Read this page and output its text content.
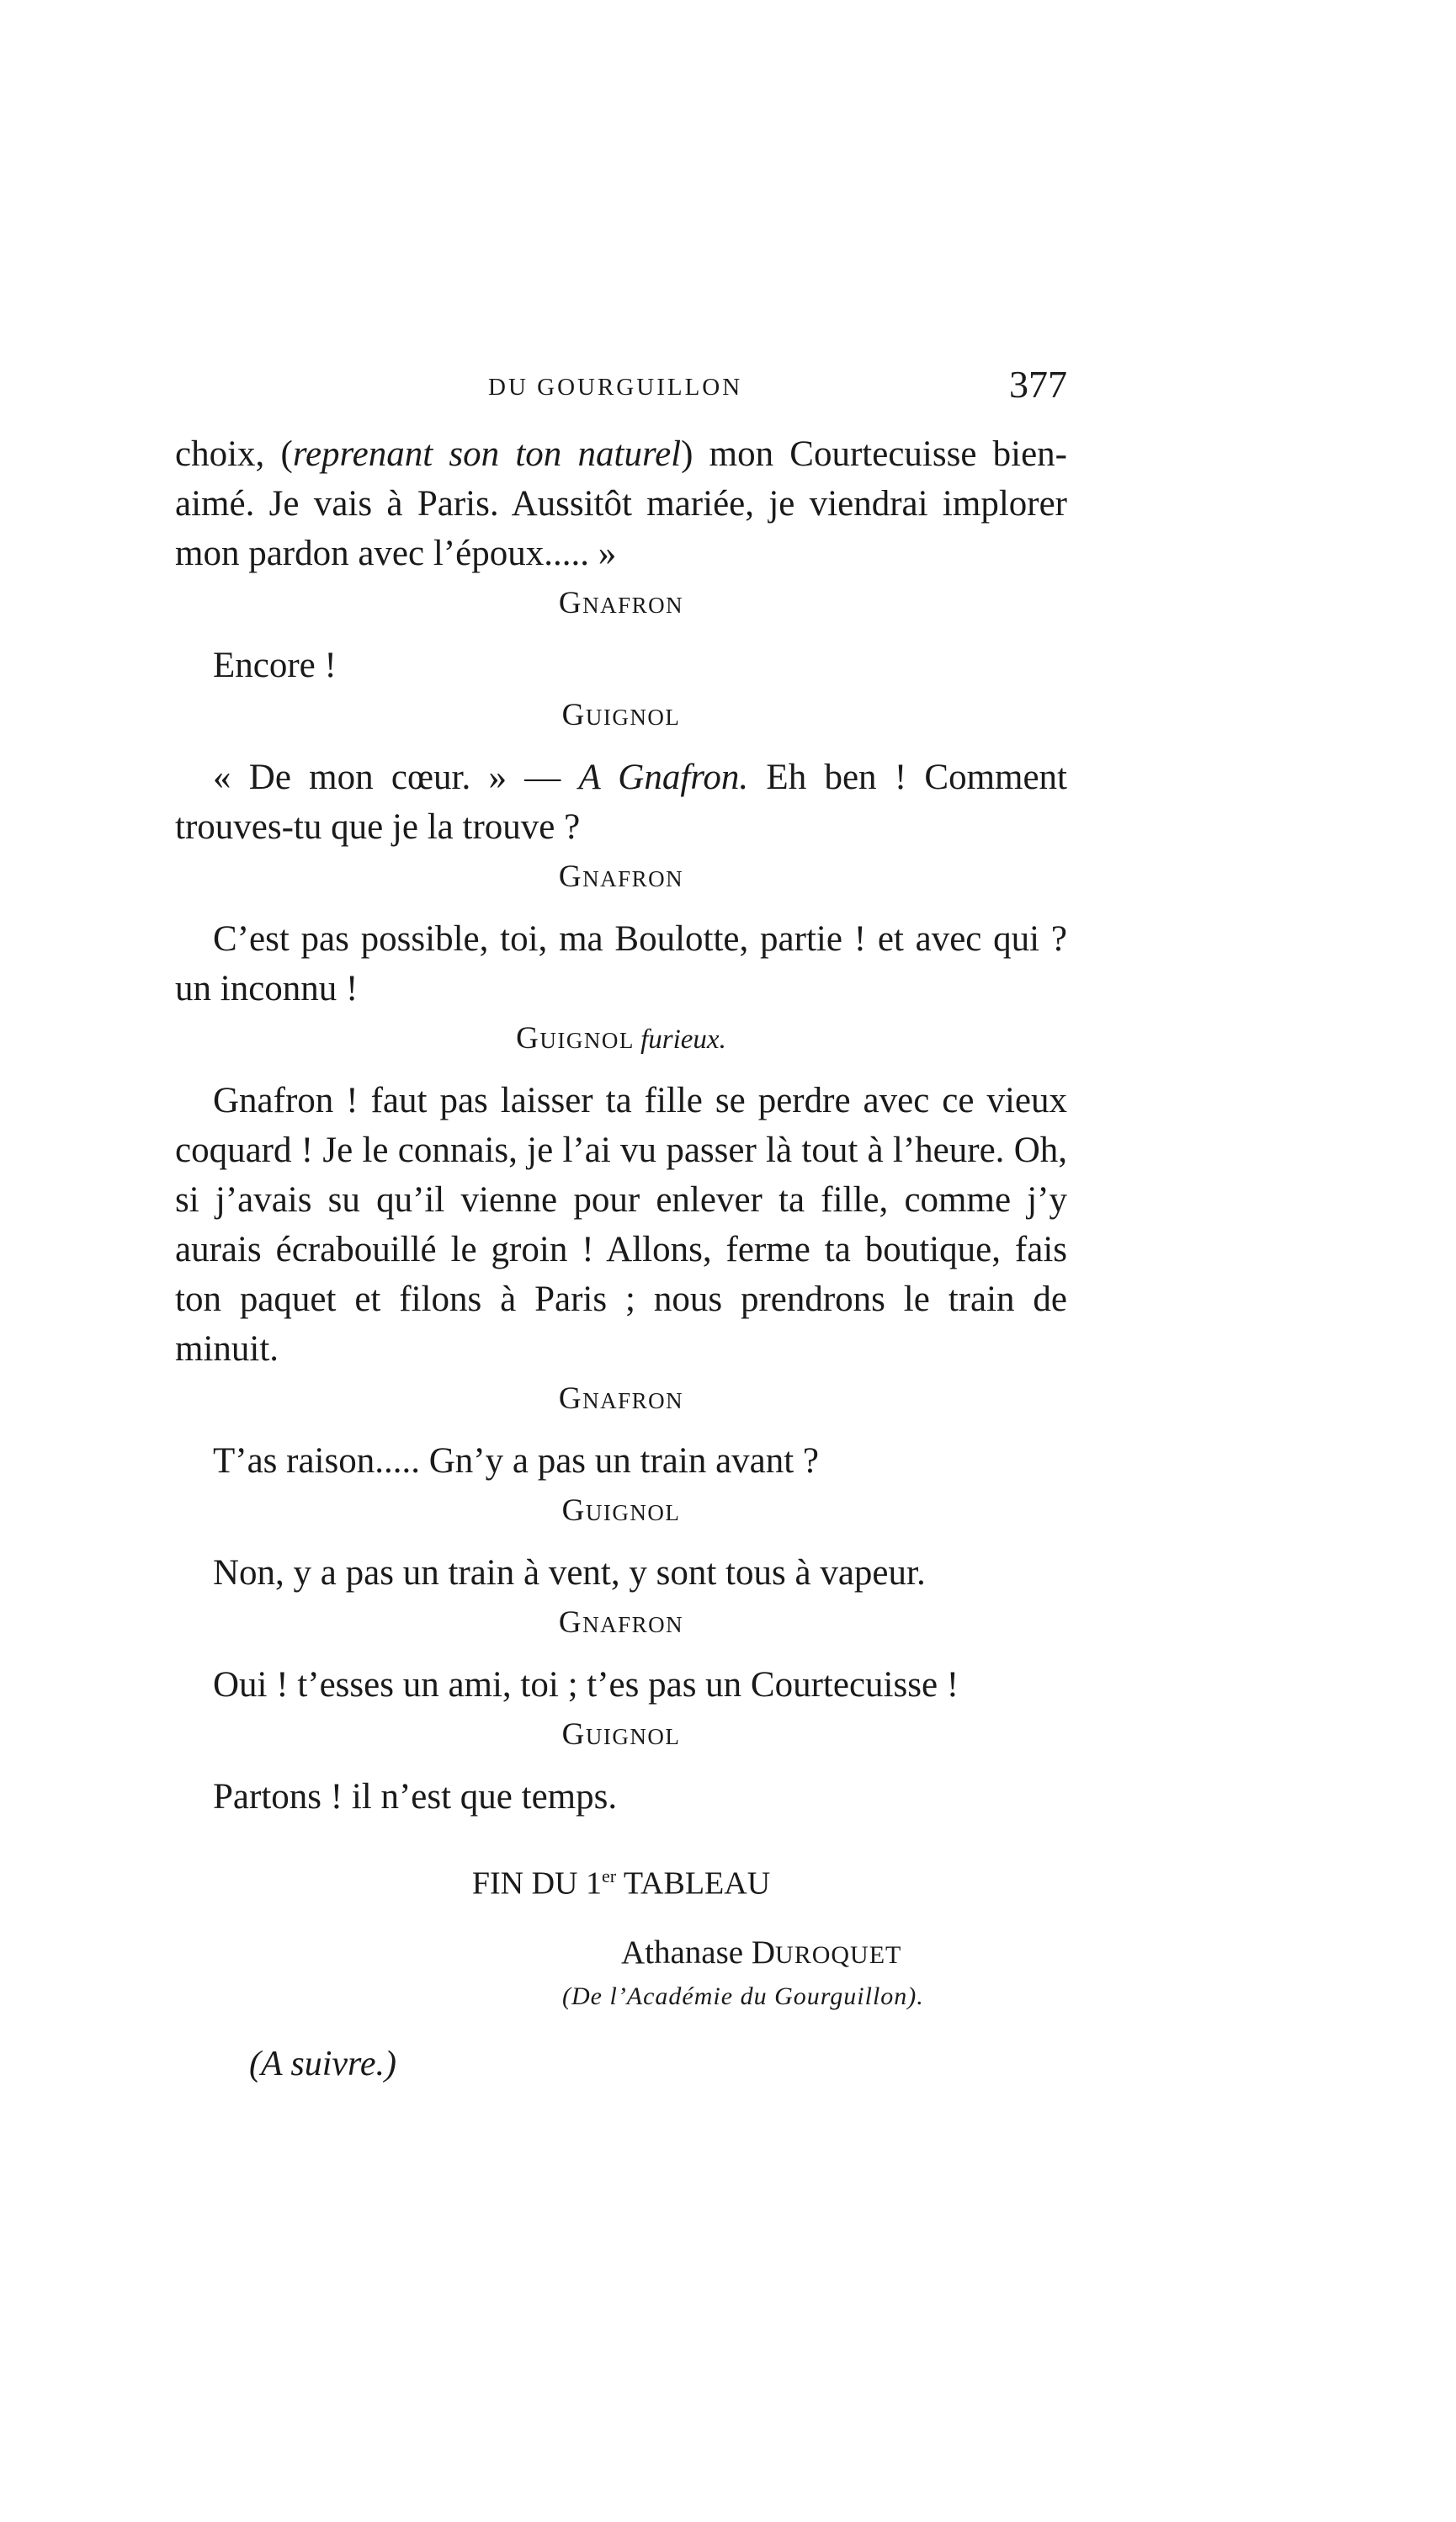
DU GOURGUILLON	377

choix, (reprenant son ton naturel) mon Courtecuisse bien-aimé. Je vais à Paris. Aussitôt mariée, je viendrai implorer mon pardon avec l’époux..... »

GNAFRON

Encore !

GUIGNOL

« De mon cœur. » — A Gnafron. Eh ben ! Comment trouves-tu que je la trouve ?

GNAFRON

C’est pas possible, toi, ma Boulotte, partie ! et avec qui ? un inconnu !

GUIGNOL furieux.

Gnafron ! faut pas laisser ta fille se perdre avec ce vieux coquard ! Je le connais, je l’ai vu passer là tout à l’heure. Oh, si j’avais su qu’il vienne pour enlever ta fille, comme j’y aurais écrabouillé le groin ! Allons, ferme ta boutique, fais ton paquet et filons à Paris ; nous prendrons le train de minuit.

GNAFRON

T’as raison..... Gn’y a pas un train avant ?

GUIGNOL

Non, y a pas un train à vent, y sont tous à vapeur.

GNAFRON

Oui ! t’esses un ami, toi ; t’es pas un Courtecuisse !

GUIGNOL

Partons ! il n’est que temps.

FIN DU 1er TABLEAU
Athanase DUROQUET
(De l’Académie du Gourguillon).
(A suivre.)
